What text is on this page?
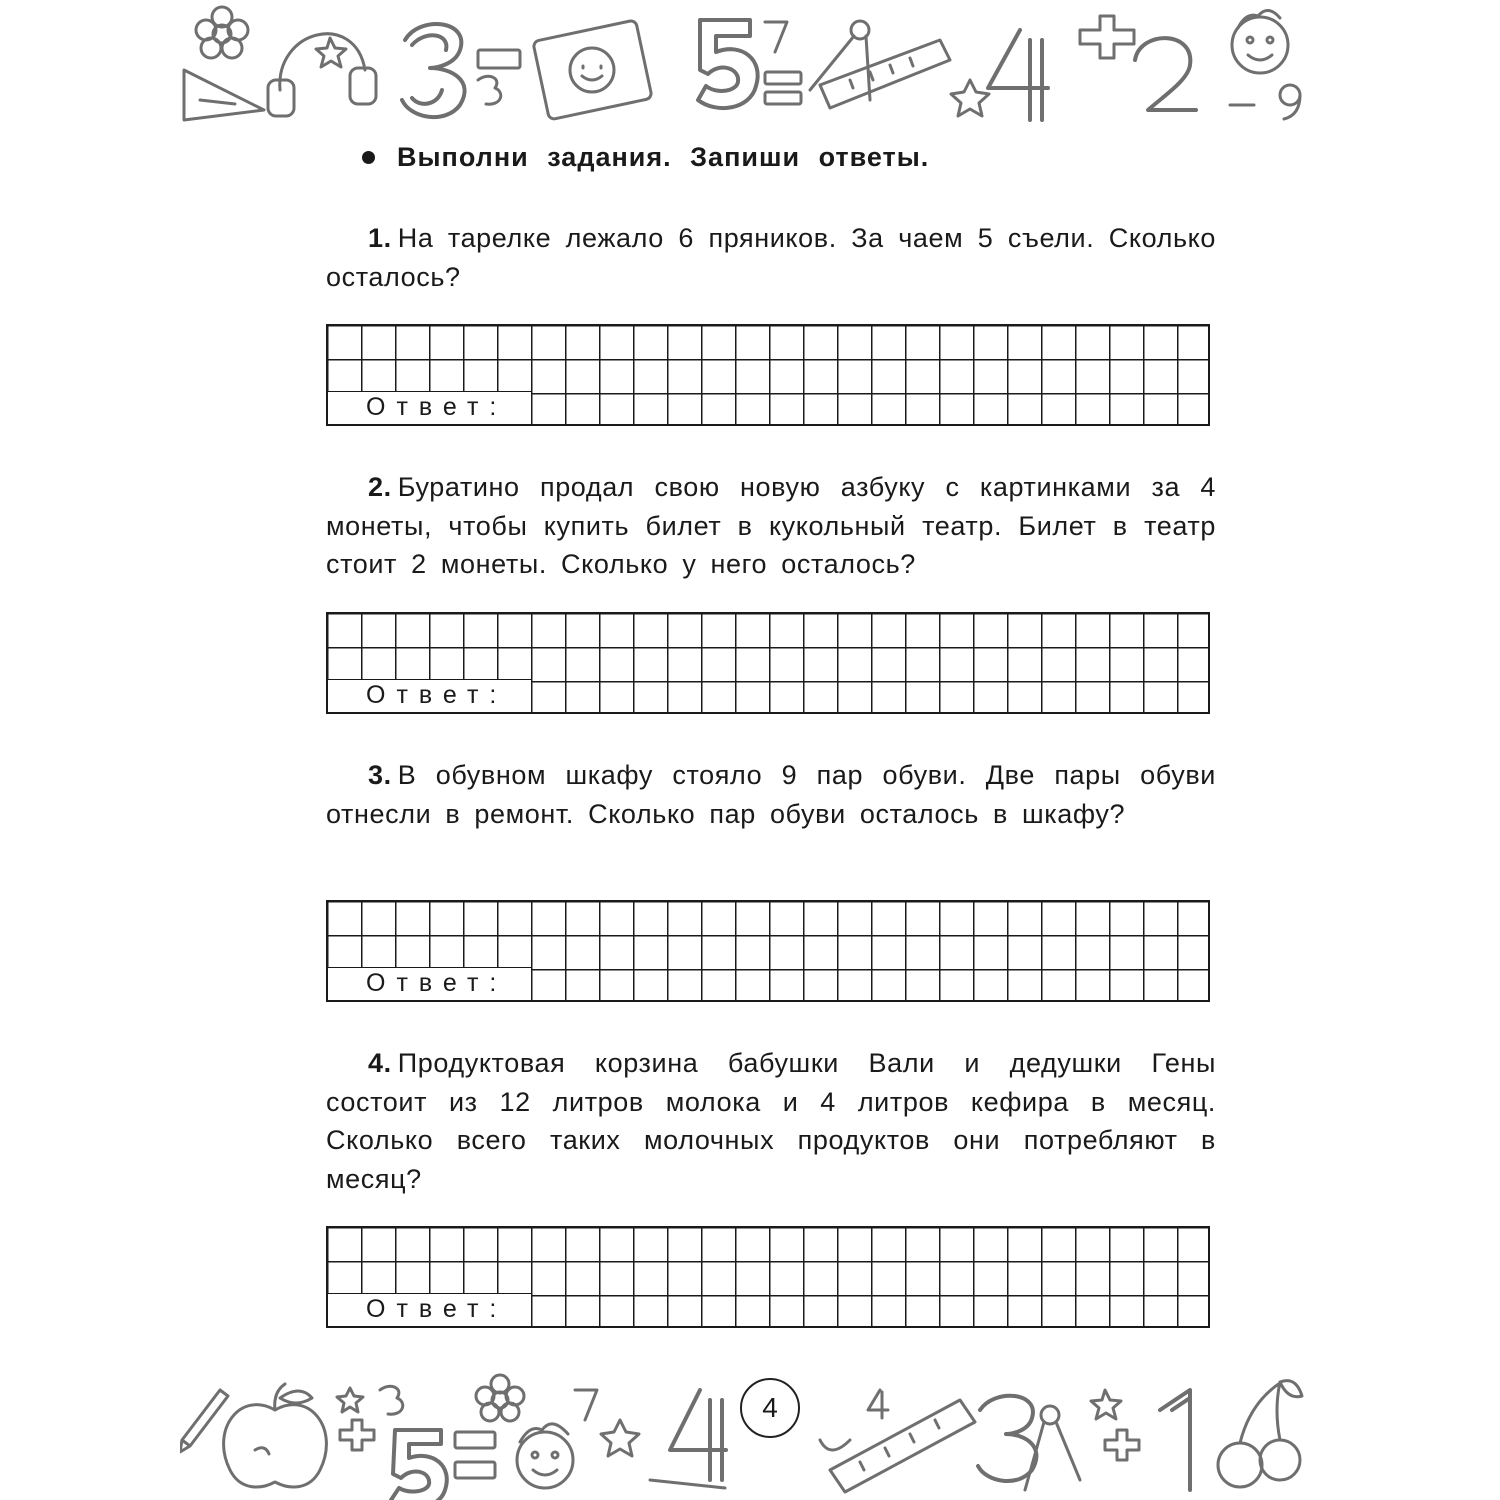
Выполни задания. Запиши ответы.

1. На тарелке лежало 6 пряников. За чаем 5 съели. Сколько осталось?

Ответ:

2. Буратино продал свою новую азбуку с картинками за 4 монеты, чтобы купить билет в кукольный театр. Билет в театр стоит 2 монеты. Сколько у него осталось?

Ответ:

3. В обувном шкафу стояло 9 пар обуви. Две пары обуви отнесли в ремонт. Сколько пар обуви осталось в шкафу?

Ответ:

4. Продуктовая корзина бабушки Вали и дедушки Гены состоит из 12 литров молока и 4 литров кефира в месяц. Сколько всего таких молочных продуктов они потребляют в месяц?

Ответ:
4
